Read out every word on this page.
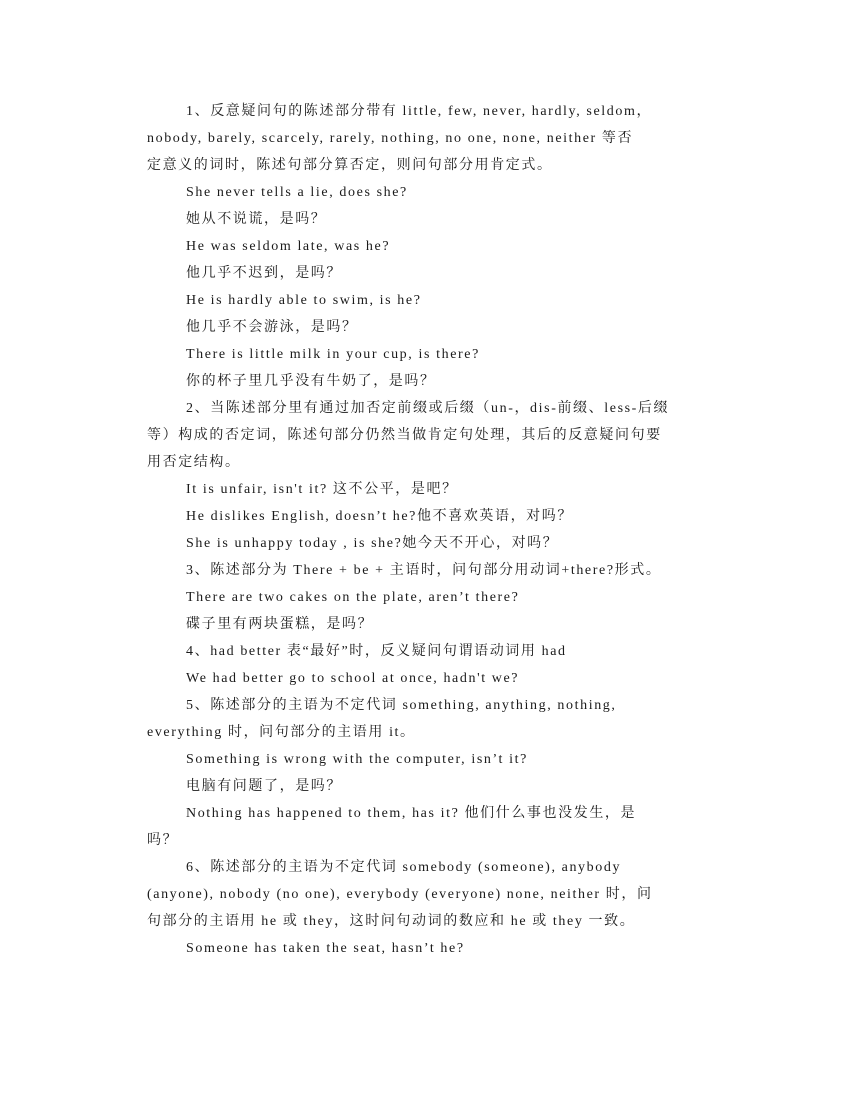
1、反意疑问句的陈述部分带有 little, few, never, hardly, seldom，
nobody, barely, scarcely, rarely, nothing, no one, none, neither 等否
定意义的词时，陈述句部分算否定，则问句部分用肯定式。
She never tells a lie, does she?
她从不说谎，是吗？
He was seldom late, was he?
他几乎不迟到，是吗？
He is hardly able to swim, is he?
他几乎不会游泳，是吗？
There is little milk in your cup, is there?
你的杯子里几乎没有牛奶了，是吗？
2、当陈述部分里有通过加否定前缀或后缀（un-，dis-前缀、less-后缀
等）构成的否定词，陈述句部分仍然当做肯定句处理，其后的反意疑问句要
用否定结构。
It is unfair, isn't it? 这不公平，是吧？
He dislikes English, doesn’t he?他不喜欢英语，对吗？
She is unhappy today , is she?她今天不开心，对吗？
3、陈述部分为 There + be + 主语时，问句部分用动词+there?形式。
There are two cakes on the plate, aren’t there?
碟子里有两块蛋糕，是吗？
4、had better 表“最好”时，反义疑问句谓语动词用 had
We had better go to school at once, hadn't we?
5、陈述部分的主语为不定代词 something, anything, nothing,
everything 时，问句部分的主语用 it。
Something is wrong with the computer, isn’t it?
电脑有问题了，是吗？
Nothing has happened to them, has it? 他们什么事也没发生，是
吗？
6、陈述部分的主语为不定代词 somebody (someone), anybody
(anyone), nobody (no one), everybody (everyone) none, neither 时，问
句部分的主语用 he 或 they，这时问句动词的数应和 he 或 they 一致。
Someone has taken the seat, hasn’t he?
